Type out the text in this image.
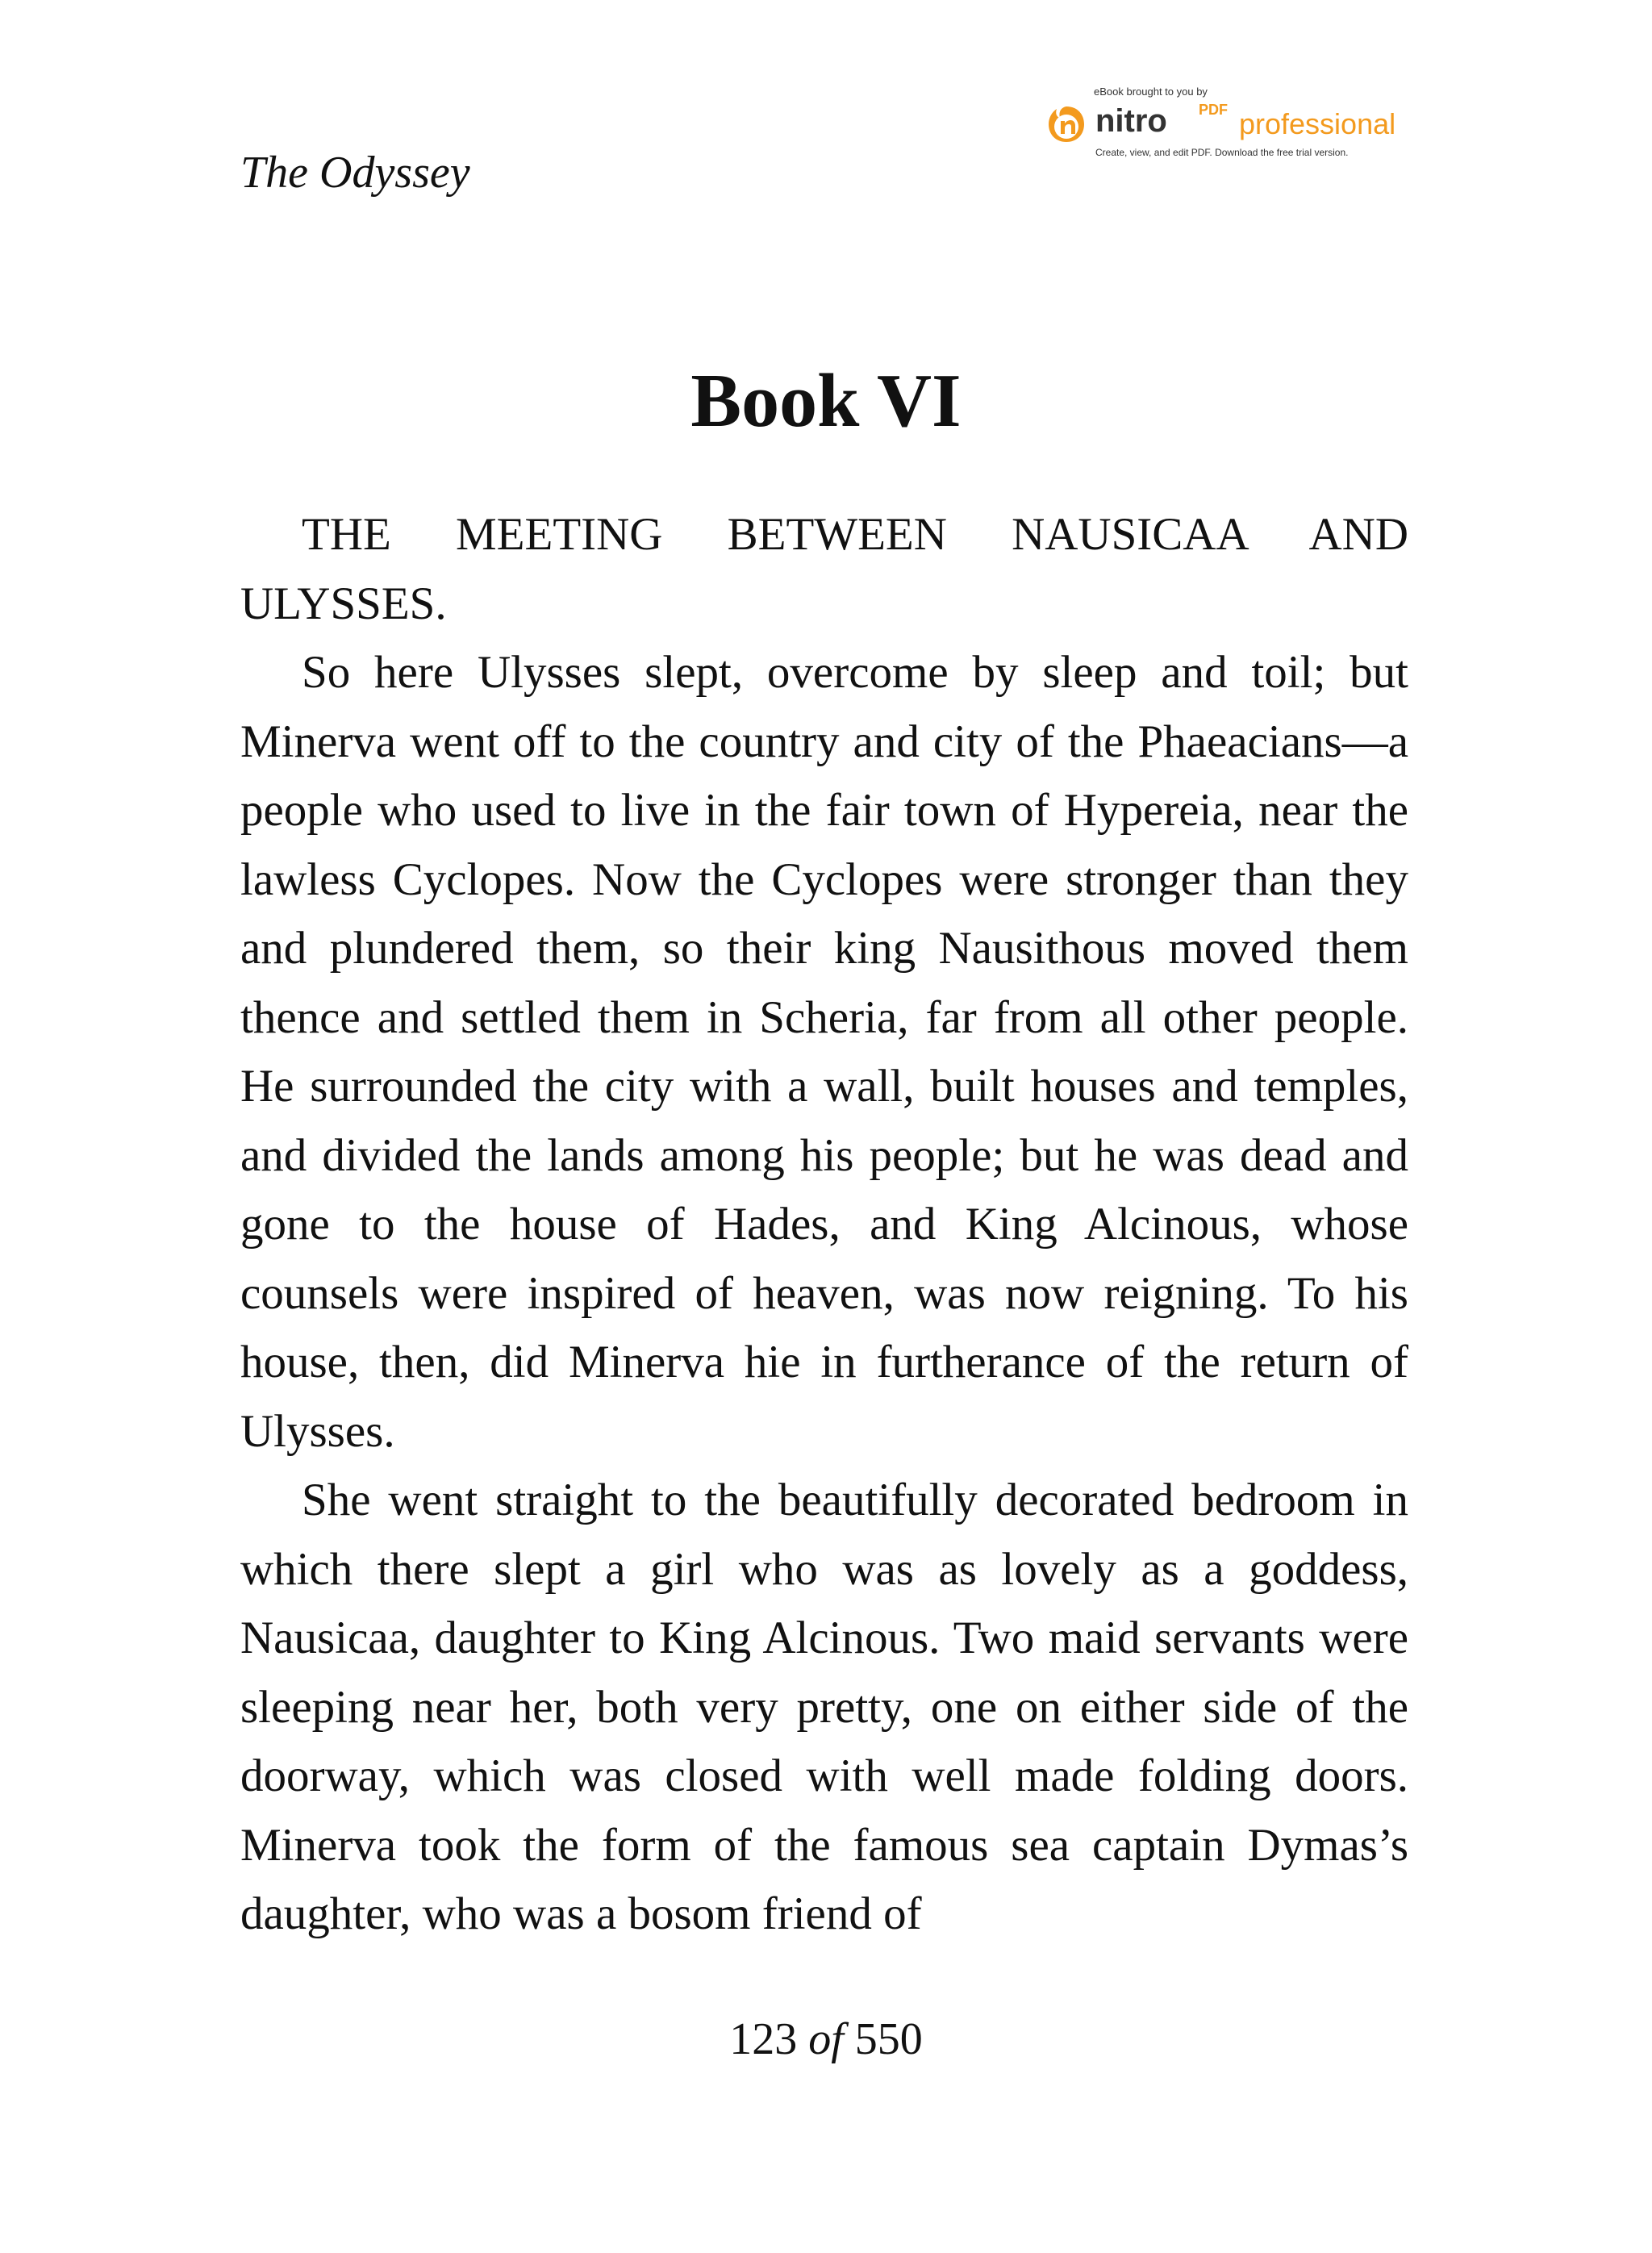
The Odyssey
eBook brought to you by
nitro PDF professional
Create, view, and edit PDF. Download the free trial version.
Book VI

THE MEETING BETWEEN NAUSICAA AND ULYSSES.

So here Ulysses slept, overcome by sleep and toil; but Minerva went off to the country and city of the Phaeacians—a people who used to live in the fair town of Hypereia, near the lawless Cyclopes. Now the Cyclopes were stronger than they and plundered them, so their king Nausithous moved them thence and settled them in Scheria, far from all other people. He surrounded the city with a wall, built houses and temples, and divided the lands among his people; but he was dead and gone to the house of Hades, and King Alcinous, whose counsels were inspired of heaven, was now reigning. To his house, then, did Minerva hie in furtherance of the return of Ulysses.

She went straight to the beautifully decorated bedroom in which there slept a girl who was as lovely as a goddess, Nausicaa, daughter to King Alcinous. Two maid servants were sleeping near her, both very pretty, one on either side of the doorway, which was closed with well made folding doors. Minerva took the form of the famous sea captain Dymas’s daughter, who was a bosom friend of

123 of 550
